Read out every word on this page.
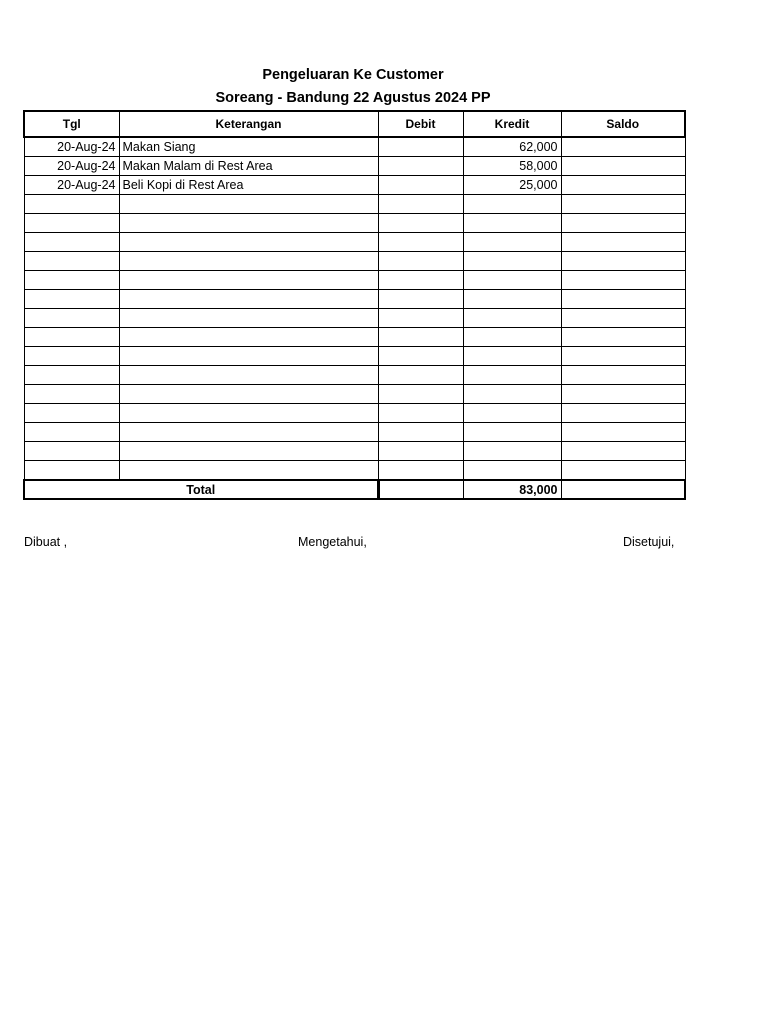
Pengeluaran Ke Customer
Soreang - Bandung 22 Agustus 2024 PP
Tgl	Keterangan	Debit	Kredit	Saldo
20-Aug-24	Makan Siang		62,000	
20-Aug-24	Makan Malam di Rest Area		58,000	
20-Aug-24	Beli Kopi di Rest Area		25,000	

Total			83,000	
Dibuat ,	Mengetahui,	Disetujui,
